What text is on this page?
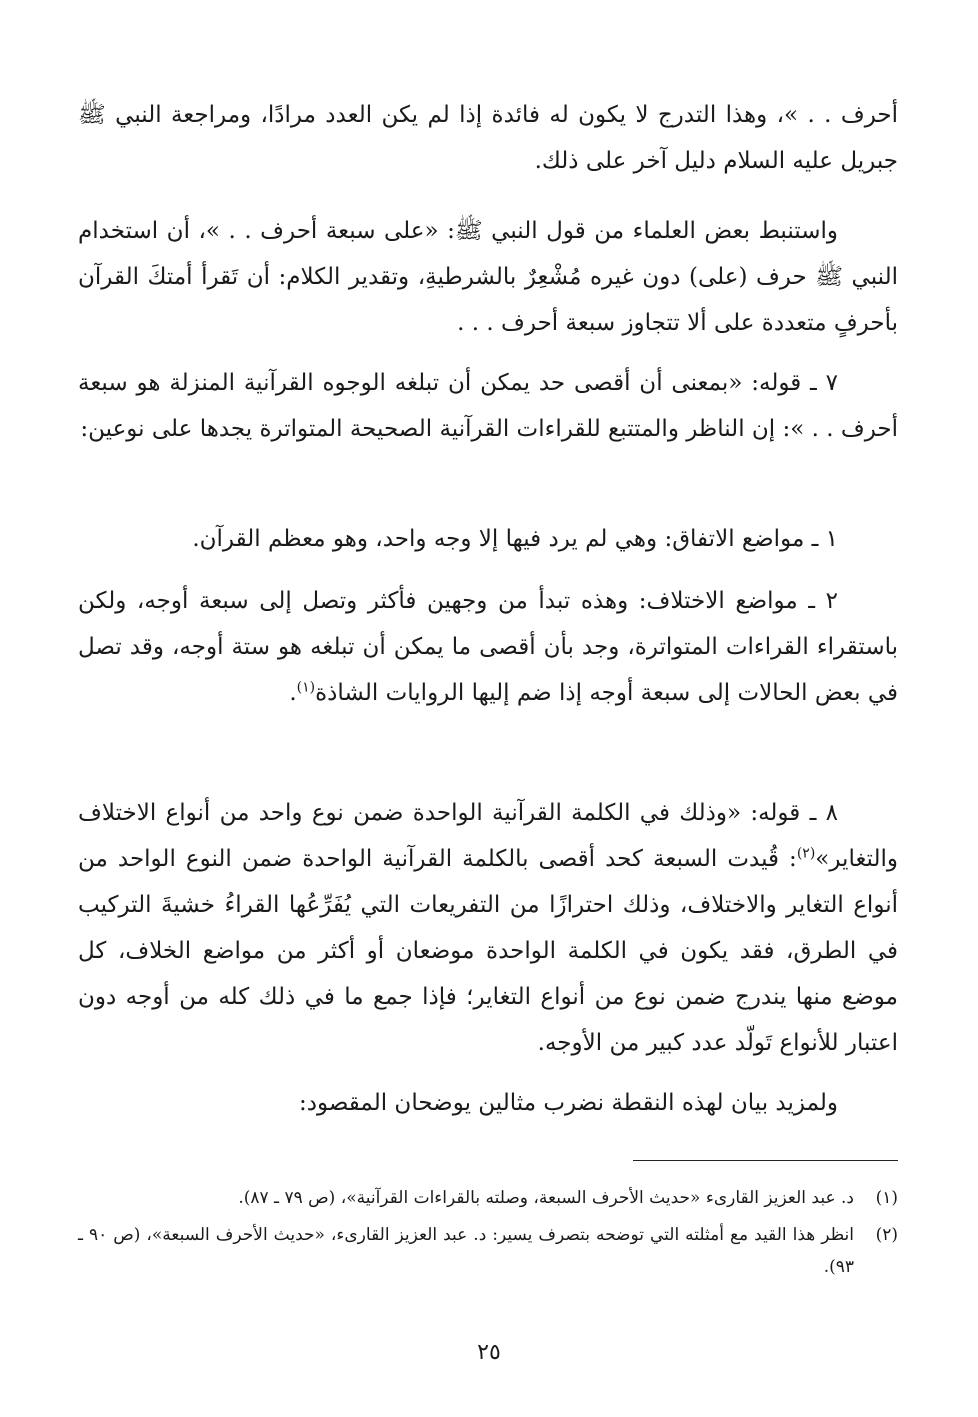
أحرف . . »، وهذا التدرج لا يكون له فائدة إذا لم يكن العدد مرادًا، ومراجعة النبي ﷺ جبريل عليه السلام دليل آخر على ذلك.

واستنبط بعض العلماء من قول النبي ﷺ: «على سبعة أحرف . . »، أن استخدام النبي ﷺ حرف (على) دون غيره مُشْعِرٌ بالشرطيةِ، وتقدير الكلام: أن تَقرأ أمتكَ القرآن بأحرفٍ متعددة على ألا تتجاوز سبعة أحرف . . .

٧ ـ قوله: «بمعنى أن أقصى حد يمكن أن تبلغه الوجوه القرآنية المنزلة هو سبعة أحرف . . »: إن الناظر والمتتبع للقراءات القرآنية الصحيحة المتواترة يجدها على نوعين:

١ ـ مواضع الاتفاق: وهي لم يرد فيها إلا وجه واحد، وهو معظم القرآن.

٢ ـ مواضع الاختلاف: وهذه تبدأ من وجهين فأكثر وتصل إلى سبعة أوجه، ولكن باستقراء القراءات المتواترة، وجد بأن أقصى ما يمكن أن تبلغه هو ستة أوجه، وقد تصل في بعض الحالات إلى سبعة أوجه إذا ضم إليها الروايات الشاذة$^{(١)}$.

٨ ـ قوله: «وذلك في الكلمة القرآنية الواحدة ضمن نوع واحد من أنواع الاختلاف والتغاير»$^{(٢)}$: قُيدت السبعة كحد أقصى بالكلمة القرآنية الواحدة ضمن النوع الواحد من أنواع التغاير والاختلاف، وذلك احترازًا من التفريعات التي يُفَرِّعُها القراءُ خشيةَ التركيب في الطرق، فقد يكون في الكلمة الواحدة موضعان أو أكثر من مواضع الخلاف، كل موضع منها يندرج ضمن نوع من أنواع التغاير؛ فإذا جمع ما في ذلك كله من أوجه دون اعتبار للأنواع تَولّد عدد كبير من الأوجه.

ولمزيد بيان لهذه النقطة نضرب مثالين يوضحان المقصود:

(١)
د. عبد العزيز القارىء «حديث الأحرف السبعة، وصلته بالقراءات القرآنية»، (ص ٧٩ ـ ٨٧).
(٢)
انظر هذا القيد مع أمثلته التي توضحه بتصرف يسير: د. عبد العزيز القارىء، «حديث الأحرف السبعة»، (ص ٩٠ ـ ٩٣).
٢٥
